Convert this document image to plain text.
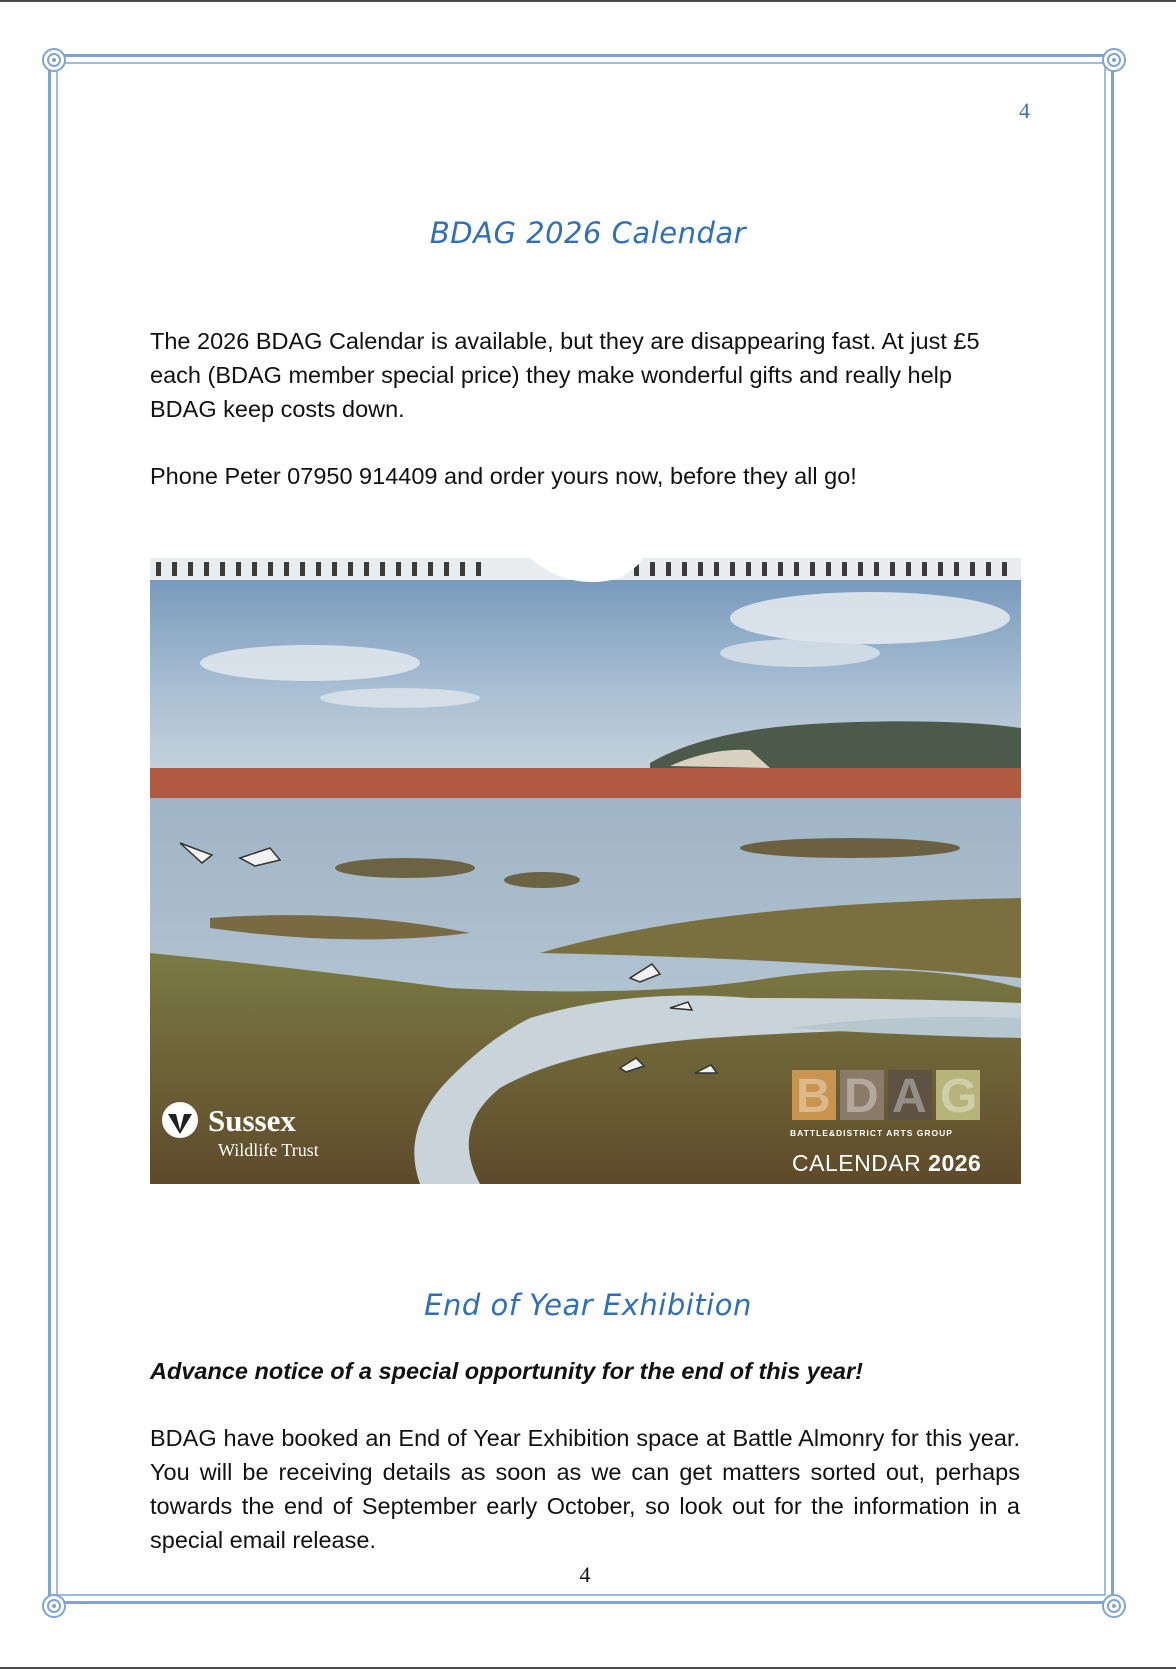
4
BDAG 2026 Calendar

The 2026 BDAG Calendar is available, but they are disappearing fast. At just £5 each (BDAG member special price) they make wonderful gifts and really help BDAG keep costs down.

Phone Peter 07950 914409 and order yours now, before they all go!

Sussex
Wildlife Trust
B D A G
BATTLE&DISTRICT ARTS GROUP
CALENDAR 2026
End of Year Exhibition

Advance notice of a special opportunity for the end of this year!

BDAG have booked an End of Year Exhibition space at Battle Almonry for this year. You will be receiving details as soon as we can get matters sorted out, perhaps towards the end of September early October, so look out for the information in a special email release.

4
